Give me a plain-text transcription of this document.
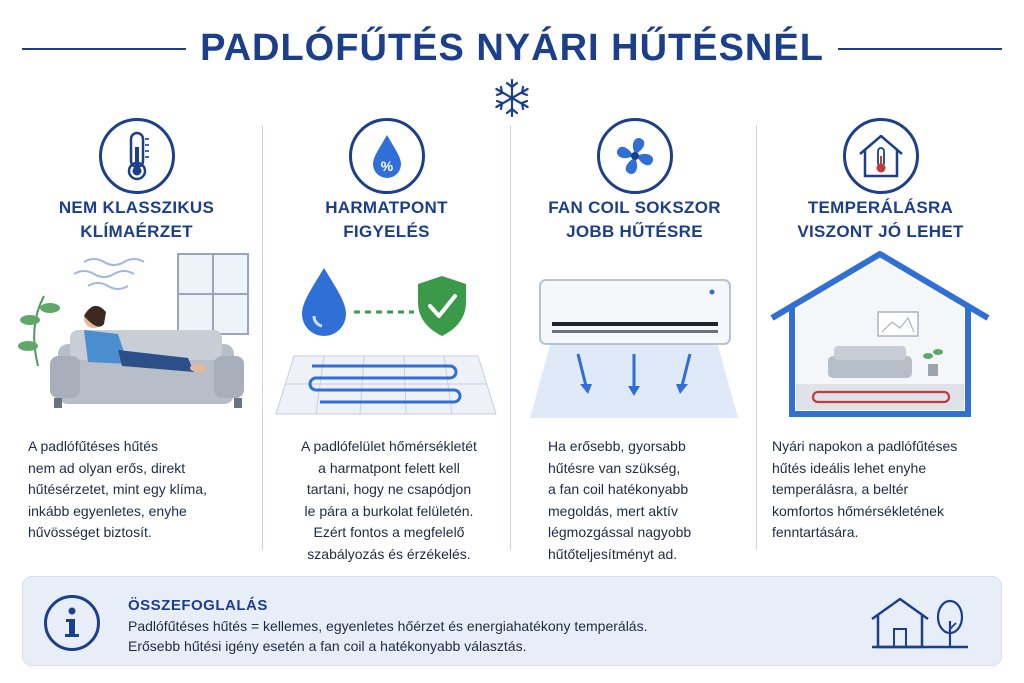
PADLÓFŰTÉS NYÁRI HŰTÉSNÉL
NEM KLASSZIKUS
KLÍMAÉRZET
A padlófűtéses hűtés
nem ad olyan erős, direkt
hűtésérzetet, mint egy klíma,
inkább egyenletes, enyhe
hűvösséget biztosít.
%
HARMATPONT
FIGYELÉS
A padlófelület hőmérsékletét
a harmatpont felett kell
tartani, hogy ne csapódjon
le pára a burkolat felületén.
Ezért fontos a megfelelő
szabályozás és érzékelés.
FAN COIL SOKSZOR
JOBB HŰTÉSRE
Ha erősebb, gyorsabb
hűtésre van szükség,
a fan coil hatékonyabb
megoldás, mert aktív
légmozgással nagyobb
hűtőteljesítményt ad.
TEMPERÁLÁSRA
VISZONT JÓ LEHET
Nyári napokon a padlófűtéses
hűtés ideális lehet enyhe
temperálásra, a beltér
komfortos hőmérsékletének
fenntartására.
ÖSSZEFOGLALÁS
Padlófűtéses hűtés = kellemes, egyenletes hőérzet és energiahatékony temperálás.
Erősebb hűtési igény esetén a fan coil a hatékonyabb választás.
